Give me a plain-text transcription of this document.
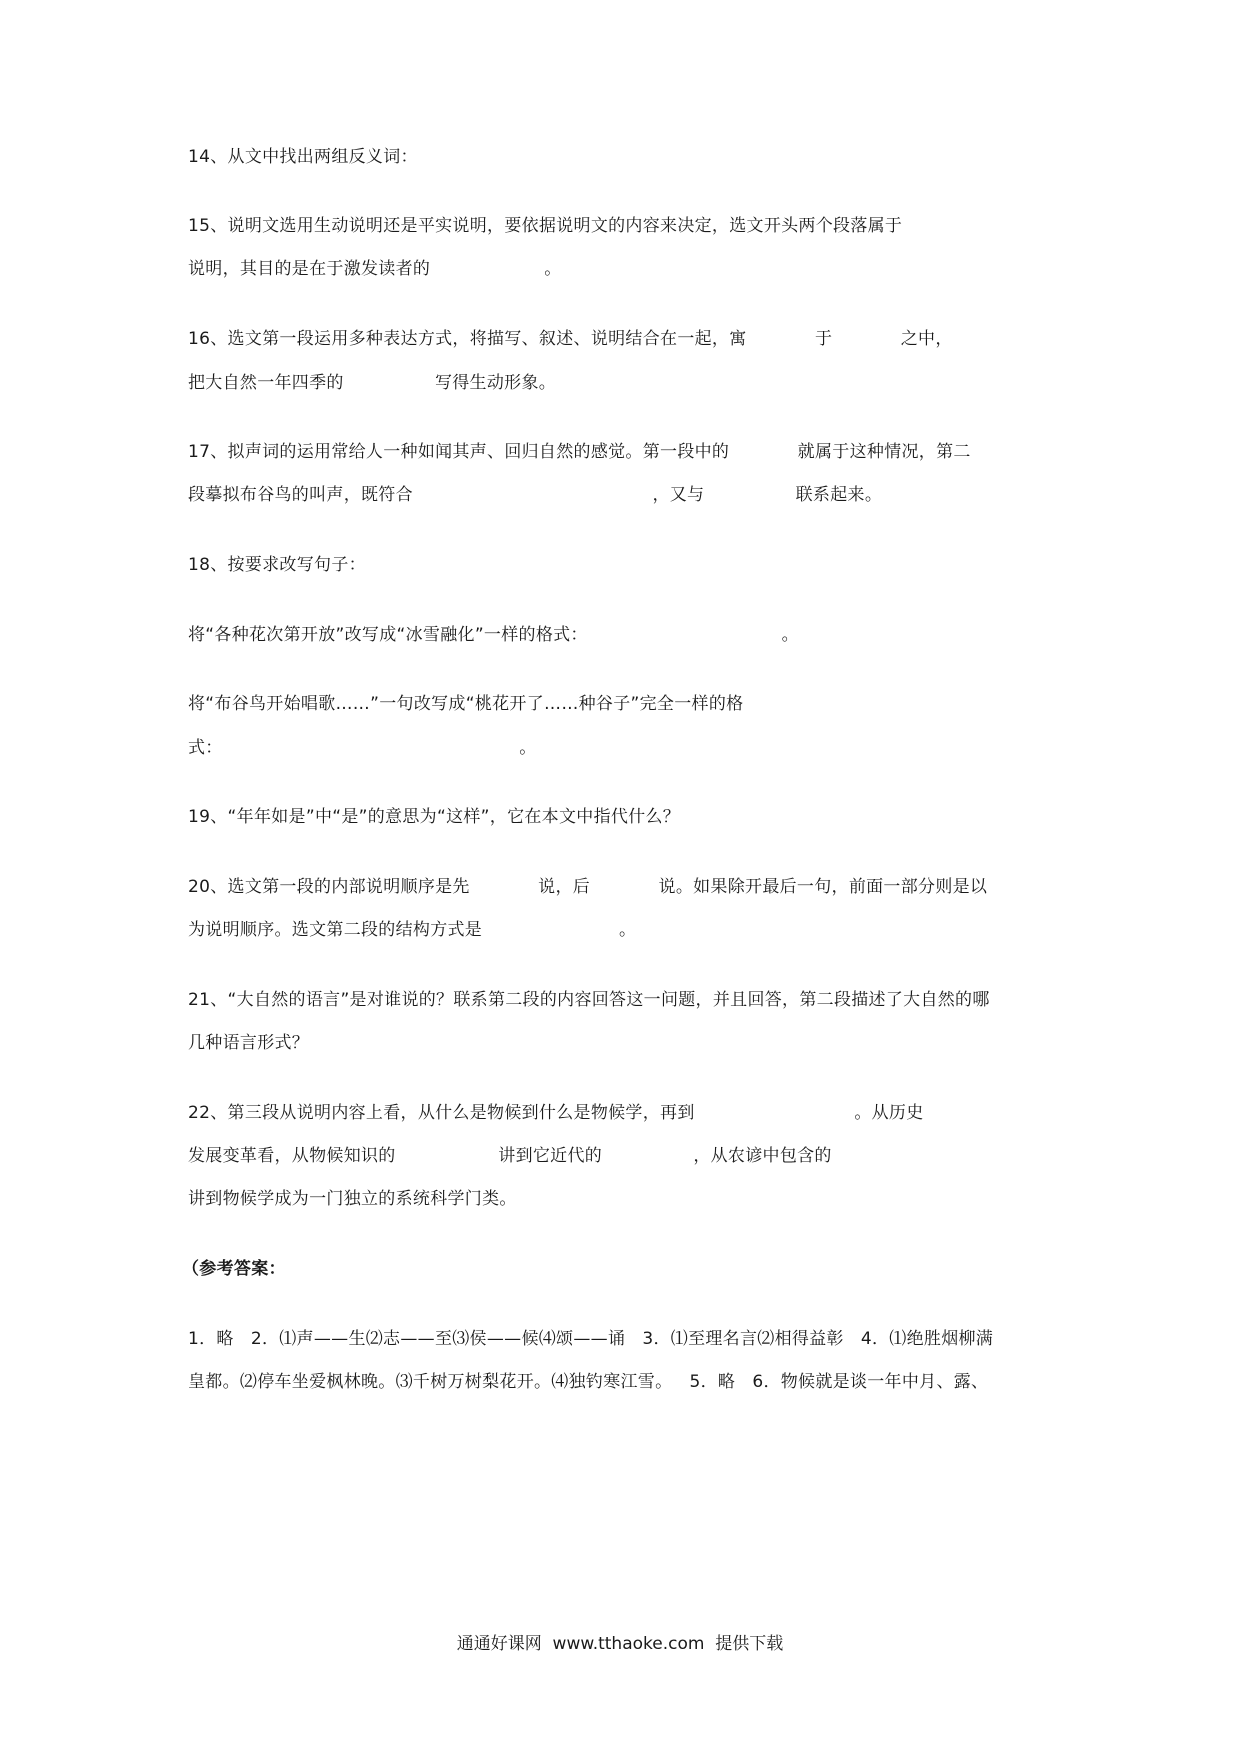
14、从文中找出两组反义词：
15、说明文选用生动说明还是平实说明，要依据说明文的内容来决定，选文开头两个段落属于
说明，其目的是在于激发读者的                    。
16、选文第一段运用多种表达方式，将描写、叙述、说明结合在一起，寓            于            之中，
把大自然一年四季的                写得生动形象。
17、拟声词的运用常给人一种如闻其声、回归自然的感觉。第一段中的            就属于这种情况，第二
段摹拟布谷鸟的叫声，既符合                                          ，又与                联系起来。
18、按要求改写句子：
将“各种花次第开放”改写成“冰雪融化”一样的格式：                                  。
将“布谷鸟开始唱歌……”一句改写成“桃花开了……种谷子”完全一样的格
式：                                                    。
19、“年年如是”中“是”的意思为“这样”，它在本文中指代什么？
20、选文第一段的内部说明顺序是先            说，后            说。如果除开最后一句，前面一部分则是以
为说明顺序。选文第二段的结构方式是                        。
21、“大自然的语言”是对谁说的？联系第二段的内容回答这一问题，并且回答，第二段描述了大自然的哪
几种语言形式？
22、第三段从说明内容上看，从什么是物候到什么是物候学，再到                            。从历史
发展变革看，从物候知识的                  讲到它近代的                ，从农谚中包含的
讲到物候学成为一门独立的系统科学门类。
（参考答案：
1．略   2．⑴声——生⑵志——至⑶侯——候⑷颂——诵   3．⑴至理名言⑵相得益彰   4．⑴绝胜烟柳满
皇都。⑵停车坐爱枫林晚。⑶千树万树梨花开。⑷独钓寒江雪。   5．略   6．物候就是谈一年中月、露、
通通好课网  www.tthaoke.com  提供下载
